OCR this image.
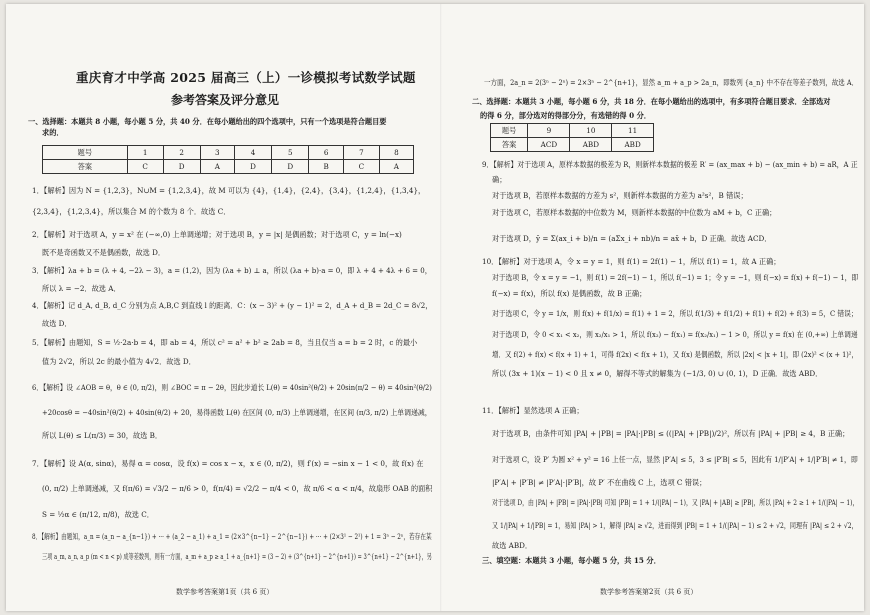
重庆育才中学高 2025 届高三（上）一诊模拟考试数学试题
参考答案及评分意见
一、选择题：本题共 8 小题，每小题 5 分，共 40 分．在每小题给出的四个选项中，只有一个选项是符合题目要
求的．
题号	1	2	3	4	5	6	7	8
答案	C	D	A	D	D	B	C	A
1．【解析】因为 N = {1,2,3}，N∪M = {1,2,3,4}，故 M 可以为 {4}，{1,4}，{2,4}，{3,4}，{1,2,4}，{1,3,4}，
{2,3,4}，{1,2,3,4}，所以集合 M 的个数为 8 个．故选 C．
2．【解析】对于选项 A，y = x² 在 (−∞,0) 上单调递增；对于选项 B，y = |x| 是偶函数；对于选项 C，y = ln(−x)
既不是奇函数又不是偶函数，故选 D．
3．【解析】λa + b = (λ + 4, −2λ − 3)，a = (1,2)，因为 (λa + b) ⊥ a，所以 (λa + b)·a = 0，即 λ + 4 + 4λ + 6 = 0，
所以 λ = −2．故选 A．
4．【解析】记 d_A, d_B, d_C 分别为点 A,B,C 到直线 l 的距离．C：(x − 3)² + (y − 1)² = 2，d_A + d_B = 2d_C = 8√2，
故选 D．
5．【解析】由题知，S = ½·2a·b = 4，即 ab = 4，所以 c² = a² + b² ≥ 2ab = 8，当且仅当 a = b = 2 时，c 的最小
值为 2√2，所以 2c 的最小值为 4√2．故选 D．
6．【解析】设 ∠AOB = θ，θ ∈ (0, π/2)，则 ∠BOC = π − 2θ，因此步道长 L(θ) = 40sin²(θ/2) + 20sin(π/2 − θ) = 40sin²(θ/2)
+20cosθ = −40sin²(θ/2) + 40sin(θ/2) + 20，易得函数 L(θ) 在区间 (0, π/3) 上单调递增，在区间 (π/3, π/2) 上单调递减，
所以 L(θ) ≤ L(π/3) = 30，故选 B．
7．【解析】设 A(α, sinα)，易得 α = cosα，设 f(x) = cos x − x，x ∈ (0, π/2)，则 f′(x) = −sin x − 1 < 0，故 f(x) 在
(0, π/2) 上单调递减，又 f(π/6) = √3/2 − π/6 > 0，f(π/4) = √2/2 − π/4 < 0，故 π/6 < α < π/4，故扇形 OAB 的面积
S = ½α ∈ (π/12, π/8)，故选 C．
8．【解析】由题知，a_n = (a_n − a_{n−1}) + ··· + (a_2 − a_1) + a_1 = (2×3^{n−1} − 2^{n−1}) + ··· + (2×3¹ − 2¹) + 1 = 3ⁿ − 2ⁿ，若存在某
三项 a_m, a_n, a_p (m < n < p) 成等差数列，则有一方面，a_m + a_p ≥ a_1 + a_{n+1} = (3 − 2) + (3^{n+1} − 2^{n+1}) = 3^{n+1} − 2^{n+1}，另
数学参考答案第1页（共 6 页）
一方面，2a_n = 2(3ⁿ − 2ⁿ) = 2×3ⁿ − 2^{n+1}，显然 a_m + a_p > 2a_n，即数列 {a_n} 中不存在等差子数列，故选 A．
二、选择题：本题共 3 小题，每小题 6 分，共 18 分．在每小题给出的选项中，有多项符合题目要求．全部选对
的得 6 分，部分选对的得部分分，有选错的得 0 分．
题号	9	10	11
答案	ACD	ABD	ABD
9．【解析】对于选项 A，原样本数据的极差为 R，则新样本数据的极差 R′ = (ax_max + b) − (ax_min + b) = aR，A 正
确；
对于选项 B，若原样本数据的方差为 s²，则新样本数据的方差为 a²s²，B 错误；
对于选项 C，若原样本数据的中位数为 M，则新样本数据的中位数为 aM + b，C 正确；
对于选项 D，ȳ = Σ(ax_i + b)/n = (aΣx_i + nb)/n = ax̄ + b，D 正确．故选 ACD．
10．【解析】对于选项 A，令 x = y = 1，则 f(1) = 2f(1) − 1，所以 f(1) = 1，故 A 正确；
对于选项 B，令 x = y = −1，则 f(1) = 2f(−1) − 1，所以 f(−1) = 1；令 y = −1，则 f(−x) = f(x) + f(−1) − 1，即
f(−x) = f(x)，所以 f(x) 是偶函数，故 B 正确；
对于选项 C，令 y = 1/x，则 f(x) + f(1/x) = f(1) + 1 = 2，所以 f(1/3) + f(1/2) + f(1) + f(2) + f(3) = 5，C 错误；
对于选项 D，令 0 < x₁ < x₂，则 x₂/x₁ > 1，所以 f(x₂) − f(x₁) = f(x₂/x₁) − 1 > 0，所以 y = f(x) 在 (0,+∞) 上单调递
增．又 f(2) + f(x) < f(x + 1) + 1，可得 f(2x) < f(x + 1)，又 f(x) 是偶函数，所以 |2x| < |x + 1|，即 (2x)² < (x + 1)²，
所以 (3x + 1)(x − 1) < 0 且 x ≠ 0，解得不等式的解集为 (−1/3, 0) ∪ (0, 1)，D 正确．故选 ABD．
11．【解析】显然选项 A 正确；
对于选项 B，由条件可知 |PA| + |PB| = |PA|·|PB| ≤ ((|PA| + |PB|)/2)²，所以有 |PA| + |PB| ≥ 4，B 正确；
对于选项 C，设 P′ 为圆 x² + y² = 16 上任一点，显然 |P′A| ≤ 5，3 ≤ |P′B| ≤ 5，因此有 1/|P′A| + 1/|P′B| ≠ 1，即
|P′A| + |P′B| ≠ |P′A|·|P′B|，故 P′ 不在曲线 C 上，选项 C 错误；
对于选项 D，由 |PA| + |PB| = |PA|·|PB| 可知 |PB| = 1 + 1/(|PA| − 1)，又 |PA| + |AB| ≥ |PB|，所以 |PA| + 2 ≥ 1 + 1/(|PA| − 1)，
又 1/|PA| + 1/|PB| = 1，易知 |PA| > 1，解得 |PA| ≥ √2，进而得到 |PB| = 1 + 1/(|PA| − 1) ≤ 2 + √2，同理有 |PA| ≤ 2 + √2，
故选 ABD．
三、填空题：本题共 3 小题，每小题 5 分，共 15 分．
数学参考答案第2页（共 6 页）
